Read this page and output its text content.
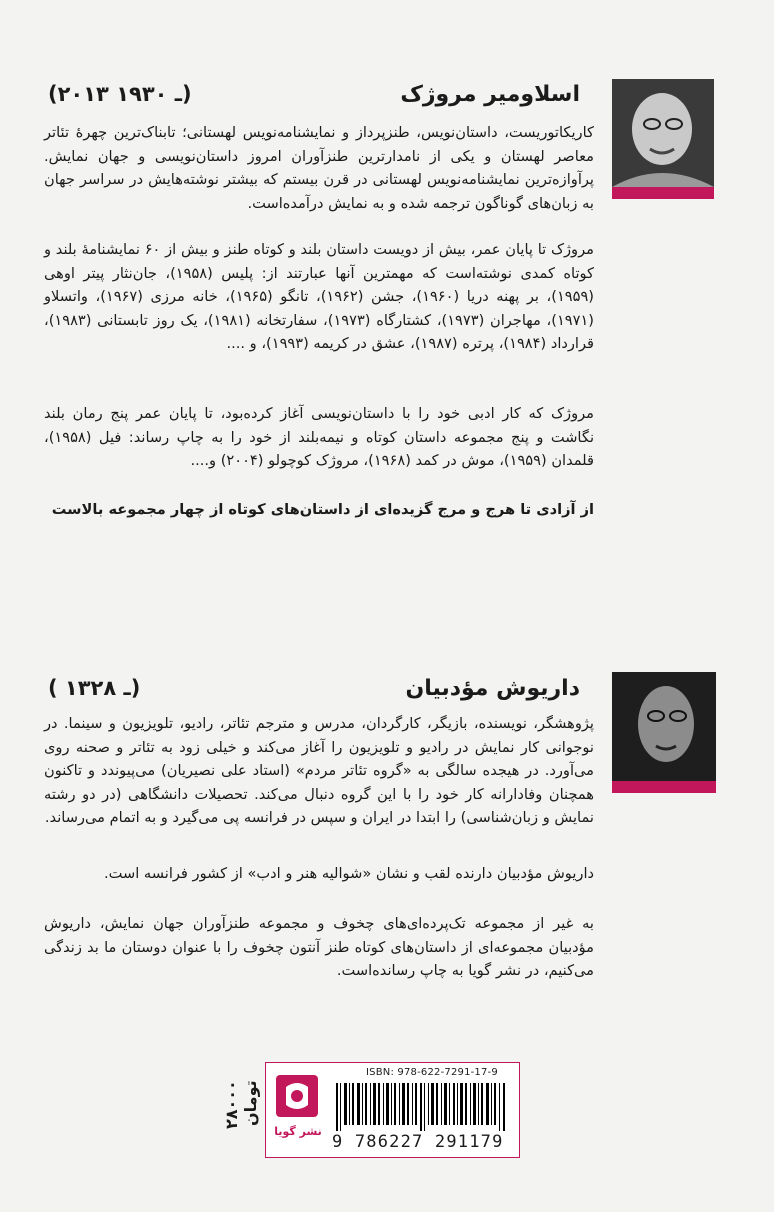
اسلاومیر مروژک
(۲۰۱۳ ـ ۱۹۳۰)
کاریکاتوریست، داستان‌نویس، طنزپرداز و نمایشنامه‌نویس لهستانی؛ تابناک‌ترین چهرهٔ تئاتر معاصر لهستان و یکی از نامدارترین طنزآوران امروز داستان‌نویسی و جهان نمایش. پرآوازه‌ترین نمایشنامه‌نویس لهستانی در قرن بیستم که بیشتر نوشته‌هایش در سراسر جهان به زبان‌های گوناگون ترجمه شده و به نمایش درآمده‌است.
مروژک تا پایان عمر، بیش از دویست داستان بلند و کوتاه طنز و بیش از ۶۰ نمایشنامهٔ بلند و کوتاه کمدی نوشته‌است که مهمترین آنها عبارتند از: پلیس (۱۹۵۸)، جان‌نثار پیتر اوهی (۱۹۵۹)، بر پهنه دریا (۱۹۶۰)، جشن (۱۹۶۲)، تانگو (۱۹۶۵)، خانه مرزی (۱۹۶۷)، واتسلاو (۱۹۷۱)، مهاجران (۱۹۷۳)، کشتارگاه (۱۹۷۳)، سفارتخانه (۱۹۸۱)، یک روز تابستانی (۱۹۸۳)، قرارداد (۱۹۸۴)، پرتره (۱۹۸۷)، عشق در کریمه (۱۹۹۳)، و ....
مروژک که کار ادبی خود را با داستان‌نویسی آغاز کرده‌بود، تا پایان عمر پنج رمان بلند نگاشت و پنج مجموعه داستان کوتاه و نیمه‌بلند از خود را به چاپ رساند: فیل (۱۹۵۸)، قلمدان (۱۹۵۹)، موش در کمد (۱۹۶۸)، مروژک کوچولو (۲۰۰۴) و....
از آزادی تا هرج و مرج گزیده‌ای از داستان‌های کوتاه از چهار مجموعه بالاست
داریوش مؤدبیان
( ـ ۱۳۲۸)
پژوهشگر، نویسنده، بازیگر، کارگردان، مدرس و مترجم تئاتر، رادیو، تلویزیون و سینما. در نوجوانی کار نمایش در رادیو و تلویزیون را آغاز می‌کند و خیلی زود به تئاتر و صحنه روی می‌آورد. در هیجده سالگی به «گروه تئاتر مردم» (استاد علی نصیریان) می‌پیوندد و تاکنون همچنان وفادارانه کار خود را با این گروه دنبال می‌کند. تحصیلات دانشگاهی (در دو رشته نمایش و زبان‌شناسی) را ابتدا در ایران و سپس در فرانسه پی می‌گیرد و به اتمام می‌رساند.
داریوش مؤدبیان دارنده لقب و نشان «شوالیه هنر و ادب» از کشور فرانسه است.
به غیر از مجموعه تک‌پرده‌ای‌های چخوف و مجموعه طنزآوران جهان نمایش، داریوش مؤدبیان مجموعه‌ای از داستان‌های کوتاه طنز آنتون چخوف را با عنوان دوستان ما بد زندگی می‌کنیم، در نشر گویا به چاپ رسانده‌است.
۲۸۰۰۰ تومان
نشر گویا
ISBN: 978-622-7291-17-9
9 786227 291179
